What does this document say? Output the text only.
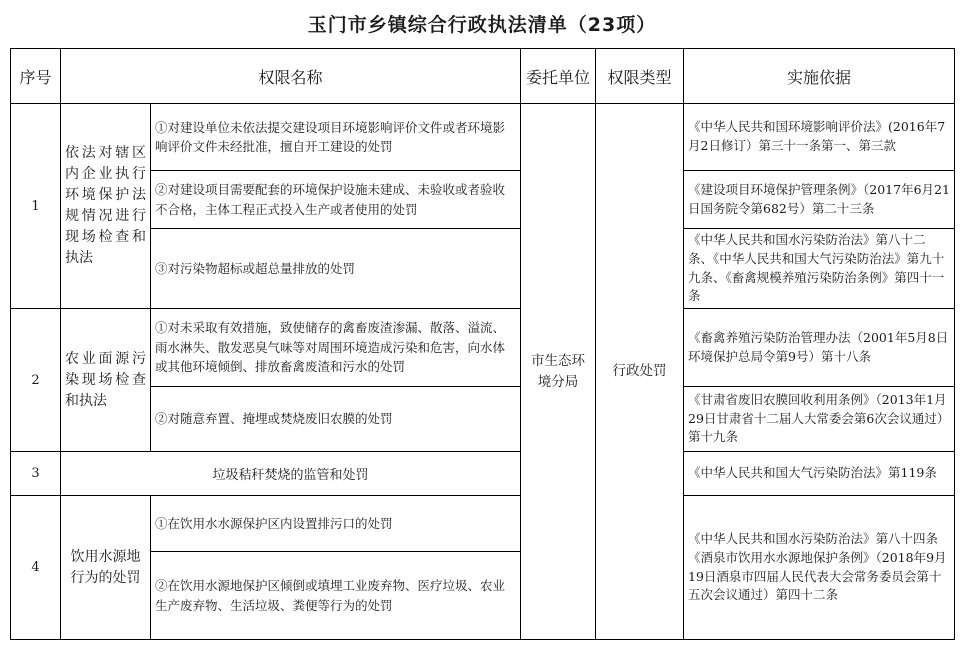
玉门市乡镇综合行政执法清单（23项）
序号	权限名称		委托单位	权限类型	实施依据
1	依法对辖区内企业执行环境保护法规情况进行现场检查和执法	①对建设单位未依法提交建设项目环境影响评价文件或者环境影响评价文件未经批准，擅自开工建设的处罚	市生态环境分局	行政处罚	《中华人民共和国环境影响评价法》(2016年7月2日修订）第三十一条第一、第三款
		②对建设项目需要配套的环境保护设施未建成、未验收或者验收不合格，主体工程正式投入生产或者使用的处罚			《建设项目环境保护管理条例》（2017年6月21日国务院令第682号）第二十三条
		③对污染物超标或超总量排放的处罚			《中华人民共和国水污染防治法》第八十二条、《中华人民共和国大气污染防治法》第九十九条、《畜禽规模养殖污染防治条例》第四十一条
2	农业面源污染现场检查和执法	①对未采取有效措施，致使储存的禽畜废渣渗漏、散落、溢流、雨水淋失、散发恶臭气味等对周围环境造成污染和危害，向水体或其他环境倾倒、排放畜禽废渣和污水的处罚			《畜禽养殖污染防治管理办法（2001年5月8日环境保护总局令第9号）第十八条
		②对随意弃置、掩埋或焚烧废旧农膜的处罚			《甘肃省废旧农膜回收利用条例》（2013年1月29日甘肃省十二届人大常委会第6次会议通过）第十九条
3	垃圾秸秆焚烧的监管和处罚				《中华人民共和国大气污染防治法》第119条
4	饮用水源地行为的处罚	①在饮用水水源保护区内设置排污口的处罚			《中华人民共和国水污染防治法》第八十四条
《酒泉市饮用水水源地保护条例》（2018年9月19日酒泉市四届人民代表大会常务委员会第十五次会议通过）第四十二条
		②在饮用水源地保护区倾倒或填埋工业废弃物、医疗垃圾、农业生产废弃物、生活垃圾、粪便等行为的处罚			
